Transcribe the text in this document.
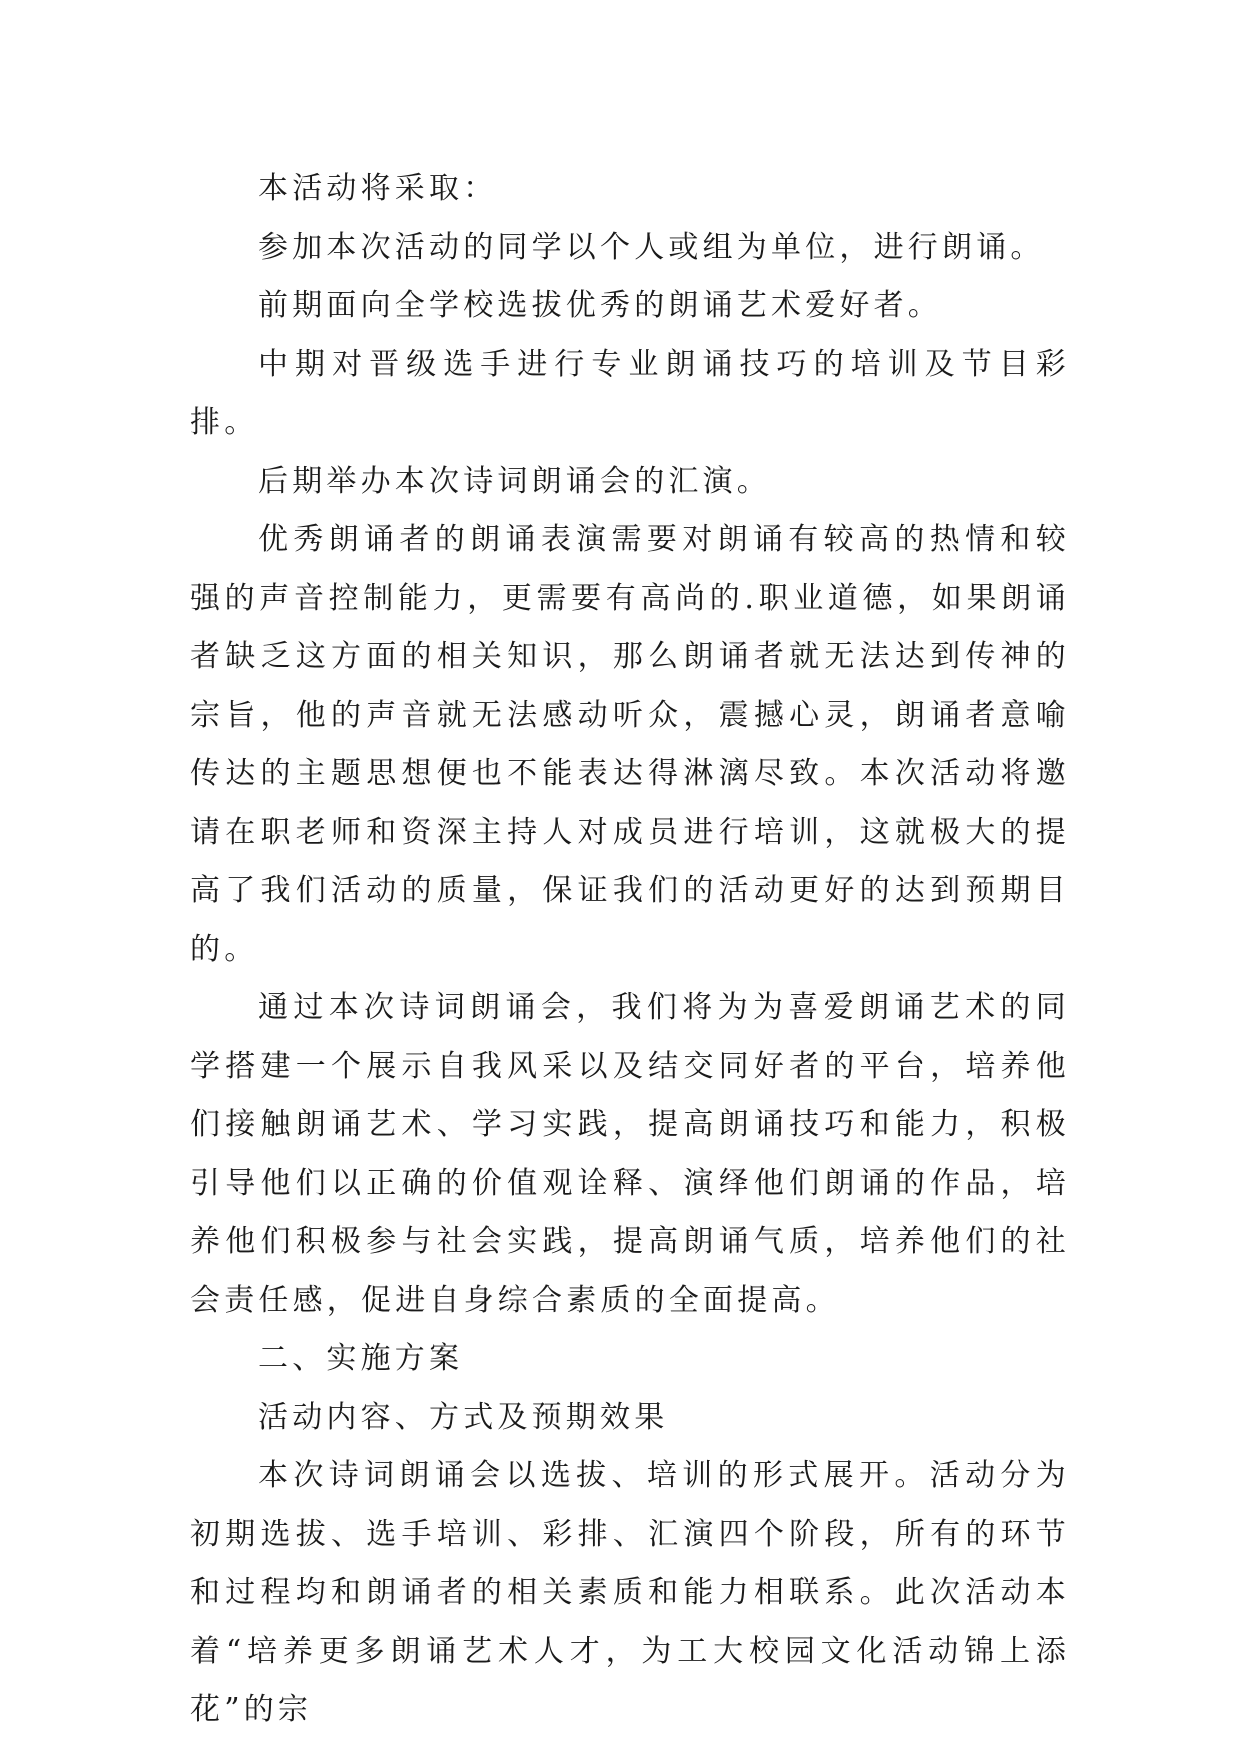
本活动将采取：

参加本次活动的同学以个人或组为单位，进行朗诵。

前期面向全学校选拔优秀的朗诵艺术爱好者。

中期对晋级选手进行专业朗诵技巧的培训及节目彩排。

后期举办本次诗词朗诵会的汇演。

优秀朗诵者的朗诵表演需要对朗诵有较高的热情和较强的声音控制能力，更需要有高尚的.职业道德，如果朗诵者缺乏这方面的相关知识，那么朗诵者就无法达到传神的宗旨，他的声音就无法感动听众，震撼心灵，朗诵者意喻传达的主题思想便也不能表达得淋漓尽致。本次活动将邀请在职老师和资深主持人对成员进行培训，这就极大的提高了我们活动的质量，保证我们的活动更好的达到预期目的。

通过本次诗词朗诵会，我们将为为喜爱朗诵艺术的同学搭建一个展示自我风采以及结交同好者的平台，培养他们接触朗诵艺术、学习实践，提高朗诵技巧和能力，积极引导他们以正确的价值观诠释、演绎他们朗诵的作品，培养他们积极参与社会实践，提高朗诵气质，培养他们的社会责任感，促进自身综合素质的全面提高。

二、实施方案

活动内容、方式及预期效果

本次诗词朗诵会以选拔、培训的形式展开。活动分为初期选拔、选手培训、彩排、汇演四个阶段，所有的环节和过程均和朗诵者的相关素质和能力相联系。此次活动本着“培养更多朗诵艺术人才，为工大校园文化活动锦上添花”的宗
